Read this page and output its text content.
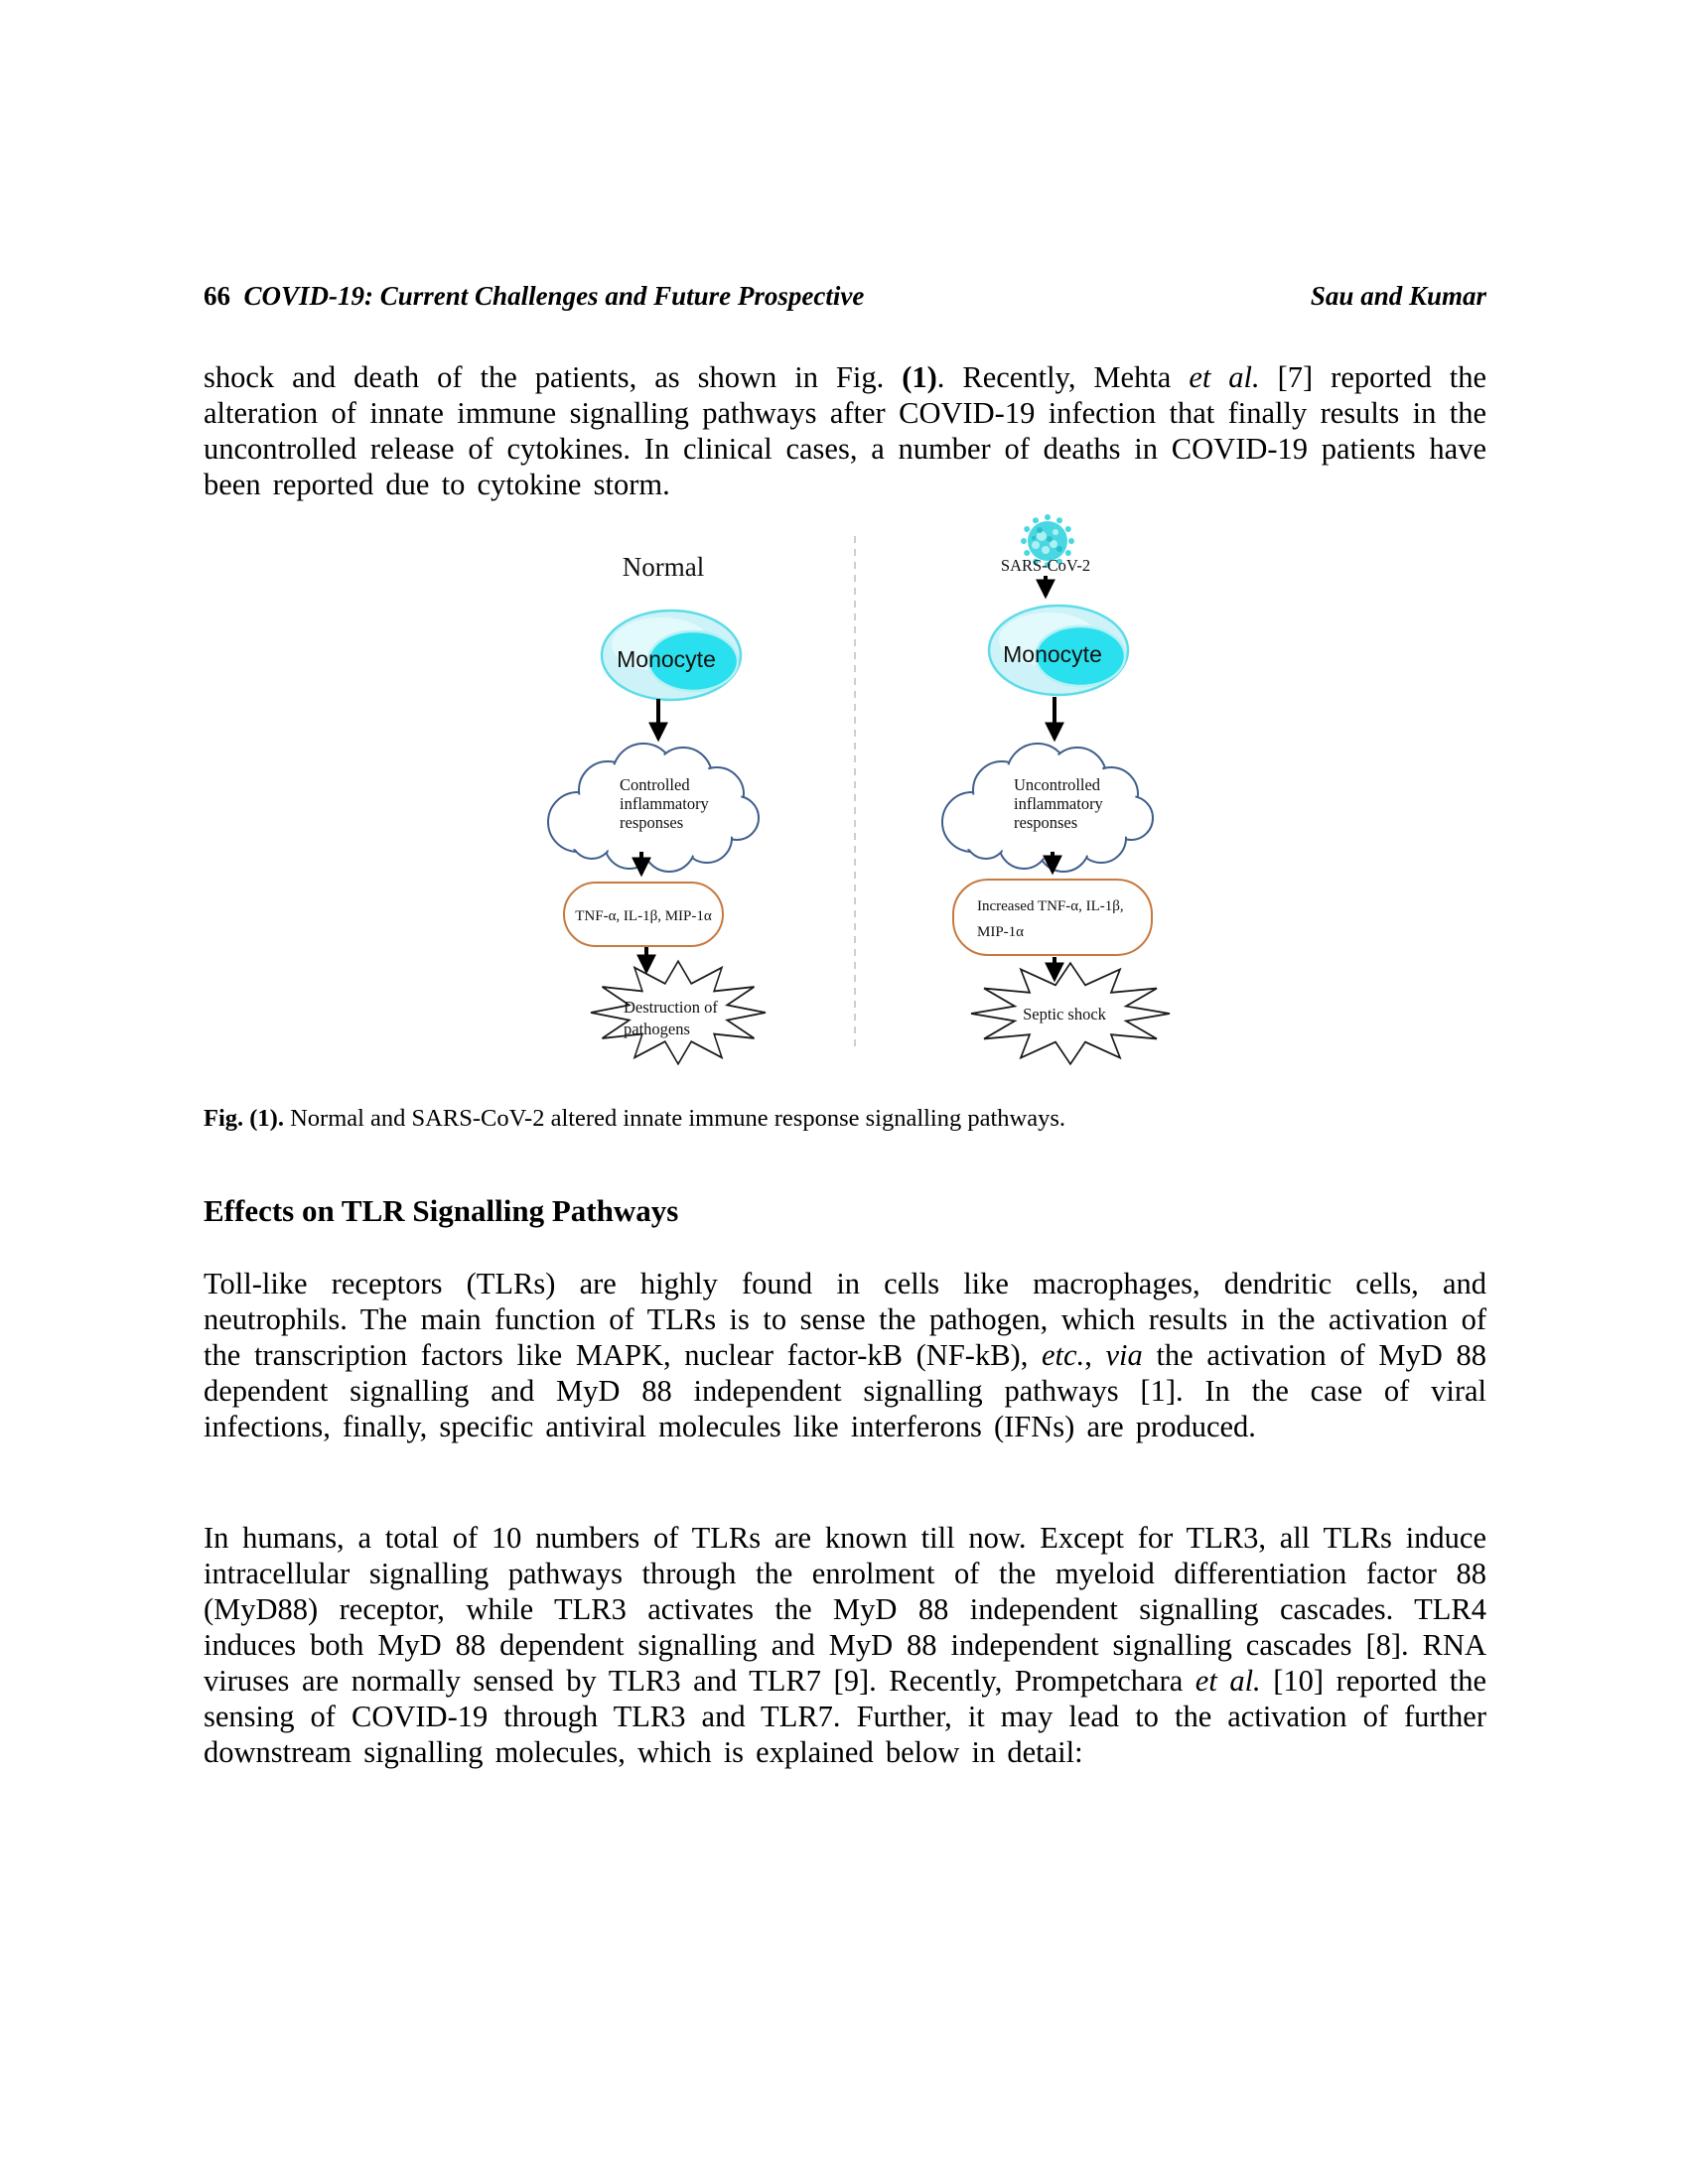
66 COVID-19: Current Challenges and Future Prospective	Sau and Kumar

shock and death of the patients, as shown in Fig. (1). Recently, Mehta et al. [7] reported the alteration of innate immune signalling pathways after COVID-19 infection that finally results in the uncontrolled release of cytokines. In clinical cases, a number of deaths in COVID-19 patients have been reported due to cytokine storm.

Normal
Monocyte
Controlled
inflammatory
responses
TNF-α, IL-1β, MIP-1α
Destruction of
pathogens
SARS-CoV-2
Monocyte
Uncontrolled
inflammatory
responses
Increased TNF-α, IL-1β,
MIP-1α
Septic shock

Fig. (1). Normal and SARS-CoV-2 altered innate immune response signalling pathways.

Effects on TLR Signalling Pathways

Toll-like receptors (TLRs) are highly found in cells like macrophages, dendritic cells, and neutrophils. The main function of TLRs is to sense the pathogen, which results in the activation of the transcription factors like MAPK, nuclear factor-kB (NF-kB), etc., via the activation of MyD 88 dependent signalling and MyD 88 independent signalling pathways [1]. In the case of viral infections, finally, specific antiviral molecules like interferons (IFNs) are produced.

In humans, a total of 10 numbers of TLRs are known till now. Except for TLR3, all TLRs induce intracellular signalling pathways through the enrolment of the myeloid differentiation factor 88 (MyD88) receptor, while TLR3 activates the MyD 88 independent signalling cascades. TLR4 induces both MyD 88 dependent signalling and MyD 88 independent signalling cascades [8]. RNA viruses are normally sensed by TLR3 and TLR7 [9]. Recently, Prompetchara et al. [10] reported the sensing of COVID-19 through TLR3 and TLR7. Further, it may lead to the activation of further downstream signalling molecules, which is explained below in detail:
